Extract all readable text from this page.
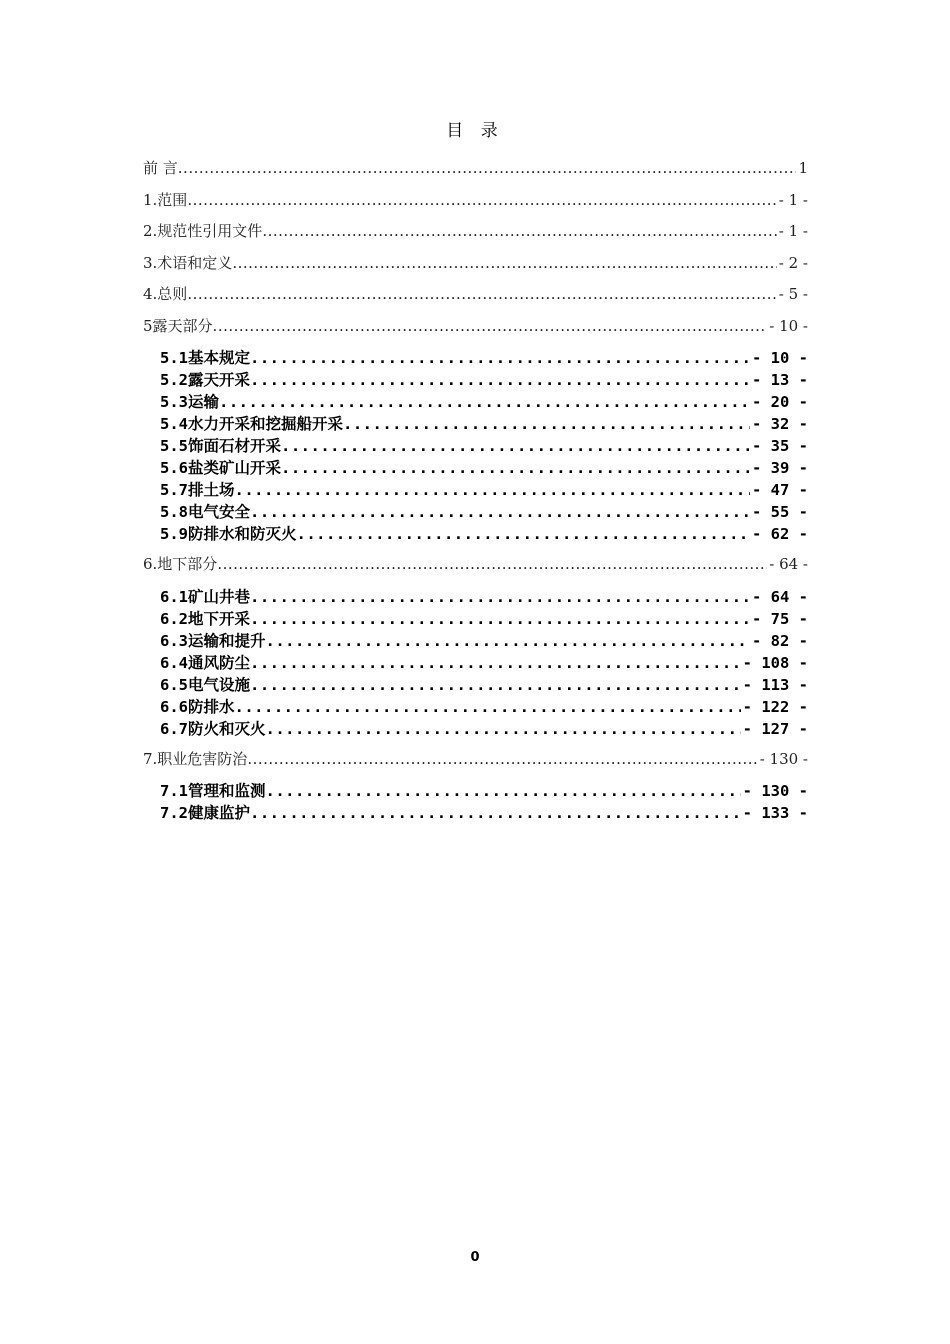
目 录
前 言 .....	1
1.范围 .....	- 1 -
2.规范性引用文件 .....	- 1 -
3.术语和定义 .....	- 2 -
4.总则 .....	- 5 -
5露天部分 .....	- 10 -
5.1基本规定 .....	- 10 -
5.2露天开采 .....	- 13 -
5.3运输 .....	- 20 -
5.4水力开采和挖掘船开采 .....	- 32 -
5.5饰面石材开采 .....	- 35 -
5.6盐类矿山开采 .....	- 39 -
5.7排土场 .....	- 47 -
5.8电气安全 .....	- 55 -
5.9防排水和防灭火 .....	- 62 -
6.地下部分 .....	- 64 -
6.1矿山井巷 .....	- 64 -
6.2地下开采 .....	- 75 -
6.3运输和提升 .....	- 82 -
6.4通风防尘 .....	- 108 -
6.5电气设施 .....	- 113 -
6.6防排水 .....	- 122 -
6.7防火和灭火 .....	- 127 -
7.职业危害防治 .....	- 130 -
7.1管理和监测 .....	- 130 -
7.2健康监护 .....	- 133 -
0
